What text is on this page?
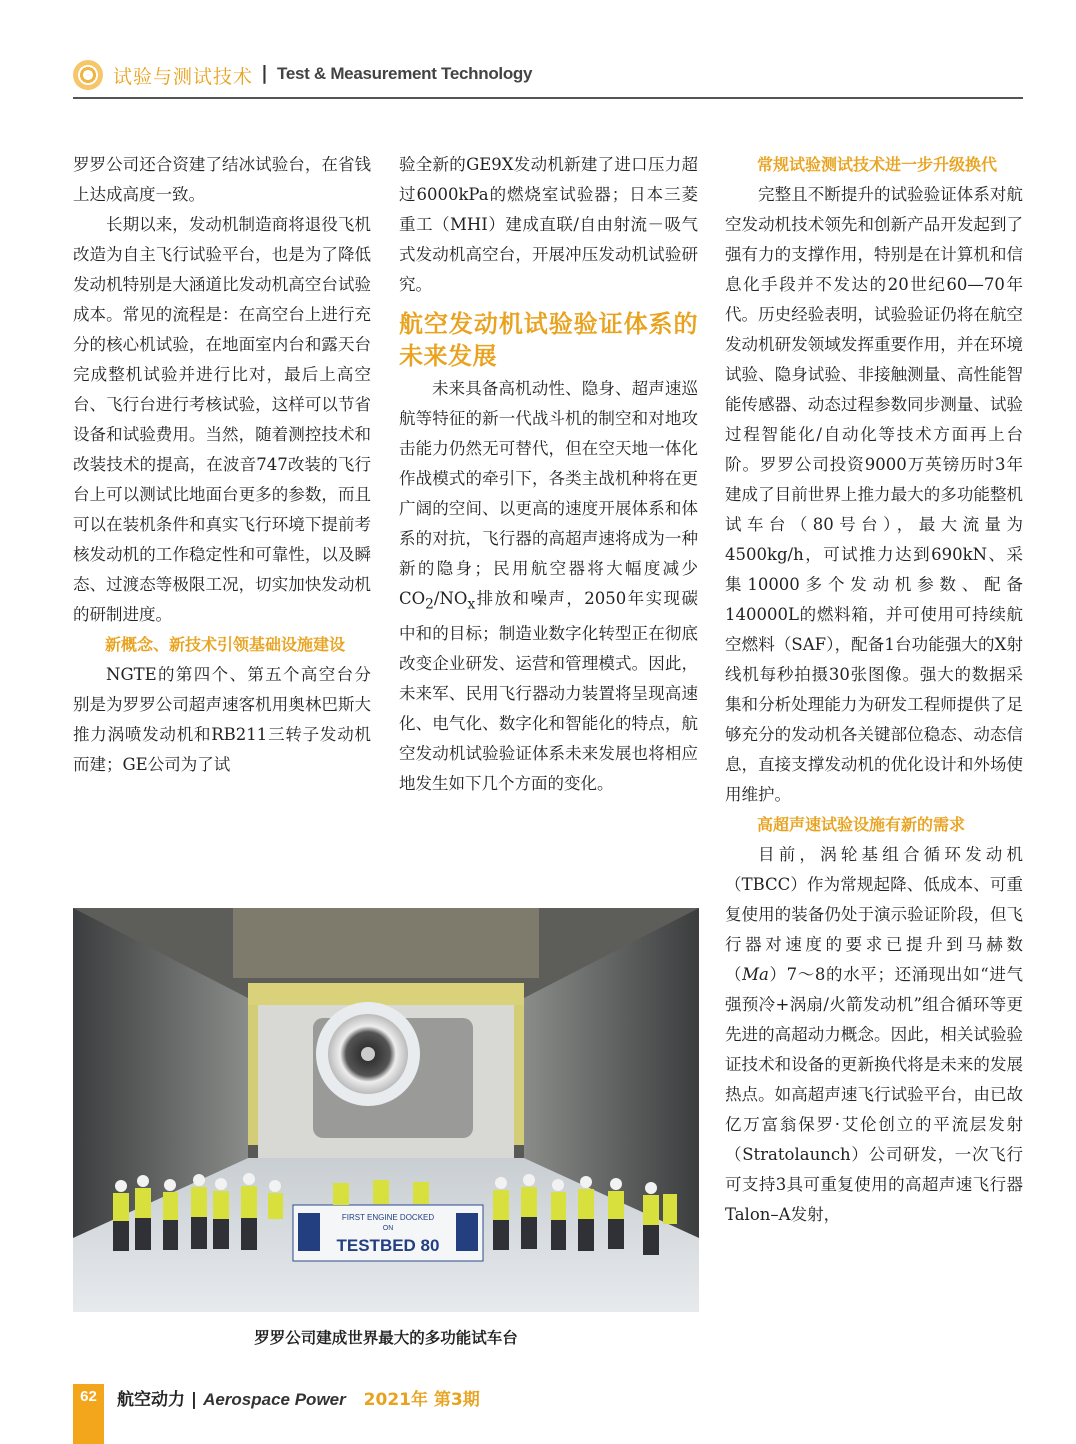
试验与测试技术 | Test & Measurement Technology

罗罗公司还合资建了结冰试验台，在省钱上达成高度一致。

长期以来，发动机制造商将退役飞机改造为自主飞行试验平台，也是为了降低发动机特别是大涵道比发动机高空台试验成本。常见的流程是：在高空台上进行充分的核心机试验，在地面室内台和露天台完成整机试验并进行比对，最后上高空台、飞行台进行考核试验，这样可以节省设备和试验费用。当然，随着测控技术和改装技术的提高，在波音747改装的飞行台上可以测试比地面台更多的参数，而且可以在装机条件和真实飞行环境下提前考核发动机的工作稳定性和可靠性，以及瞬态、过渡态等极限工况，切实加快发动机的研制进度。

新概念、新技术引领基础设施建设

NGTE的第四个、第五个高空台分别是为罗罗公司超声速客机用奥林巴斯大推力涡喷发动机和RB211三转子发动机而建；GE公司为了试

验全新的GE9X发动机新建了进口压力超过6000kPa的燃烧室试验器；日本三菱重工（MHI）建成直联/自由射流－吸气式发动机高空台，开展冲压发动机试验研究。

航空发动机试验验证体系的未来发展

未来具备高机动性、隐身、超声速巡航等特征的新一代战斗机的制空和对地攻击能力仍然无可替代，但在空天地一体化作战模式的牵引下，各类主战机种将在更广阔的空间、以更高的速度开展体系和体系的对抗，飞行器的高超声速将成为一种新的隐身；民用航空器将大幅度减少$CO_2/NO_x$排放和噪声，2050年实现碳中和的目标；制造业数字化转型正在彻底改变企业研发、运营和管理模式。因此，未来军、民用飞行器动力装置将呈现高速化、电气化、数字化和智能化的特点，航空发动机试验验证体系未来发展也将相应地发生如下几个方面的变化。

常规试验测试技术进一步升级换代

完整且不断提升的试验验证体系对航空发动机技术领先和创新产品开发起到了强有力的支撑作用，特别是在计算机和信息化手段并不发达的20世纪60—70年代。历史经验表明，试验验证仍将在航空发动机研发领域发挥重要作用，并在环境试验、隐身试验、非接触测量、高性能智能传感器、动态过程参数同步测量、试验过程智能化/自动化等技术方面再上台阶。罗罗公司投资9000万英镑历时3年建成了目前世界上推力最大的多功能整机试车台（80号台），最大流量为4500kg/h，可试推力达到690kN、采集10000多个发动机参数、配备140000L的燃料箱，并可使用可持续航空燃料（SAF），配备1台功能强大的X射线机每秒拍摄30张图像。强大的数据采集和分析处理能力为研发工程师提供了足够充分的发动机各关键部位稳态、动态信息，直接支撑发动机的优化设计和外场使用维护。

高超声速试验设施有新的需求

目前，涡轮基组合循环发动机（TBCC）作为常规起降、低成本、可重复使用的装备仍处于演示验证阶段，但飞行器对速度的要求已提升到马赫数（Ma）7～8的水平；还涌现出如“进气强预冷+涡扇/火箭发动机”组合循环等更先进的高超动力概念。因此，相关试验验证技术和设备的更新换代将是未来的发展热点。如高超声速飞行试验平台，由已故亿万富翁保罗·艾伦创立的平流层发射（Stratolaunch）公司研发，一次飞行可支持3具可重复使用的高超声速飞行器Talon–A发射，

FIRST ENGINE DOCKED
ON
TESTBED 80
罗罗公司建成世界最大的多功能试车台
62	航空动力 | Aerospace Power 2021年 第3期
